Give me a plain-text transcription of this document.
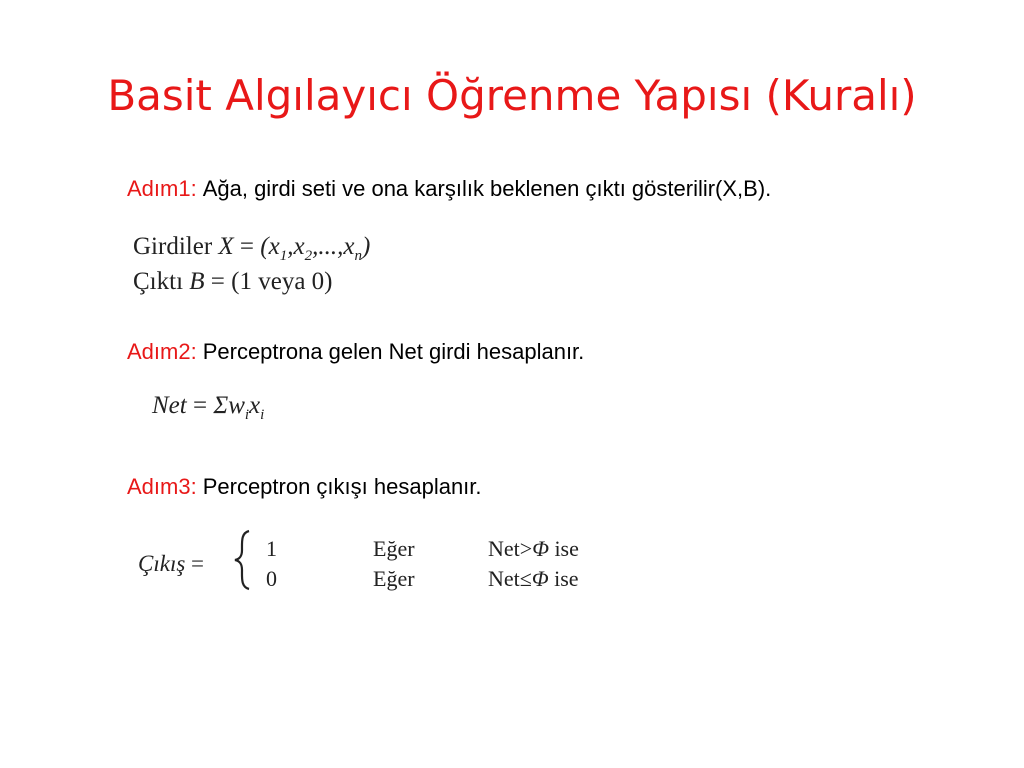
Basit Algılayıcı Öğrenme Yapısı (Kuralı)
Adım1: Ağa, girdi seti ve ona karşılık beklenen çıktı gösterilir(X,B).
Girdiler $X = (x_1,x_2,...,x_n)$
Çıktı B = (1 veya 0)
Adım2: Perceptrona gelen Net girdi hesaplanır.
Net = $\Sigma w_ix_i$
Adım3: Perceptron çıkışı hesaplanır.
Çıkış =
1	Eğer	Net>Φ ise
0	Eğer	Net≤Φ ise
